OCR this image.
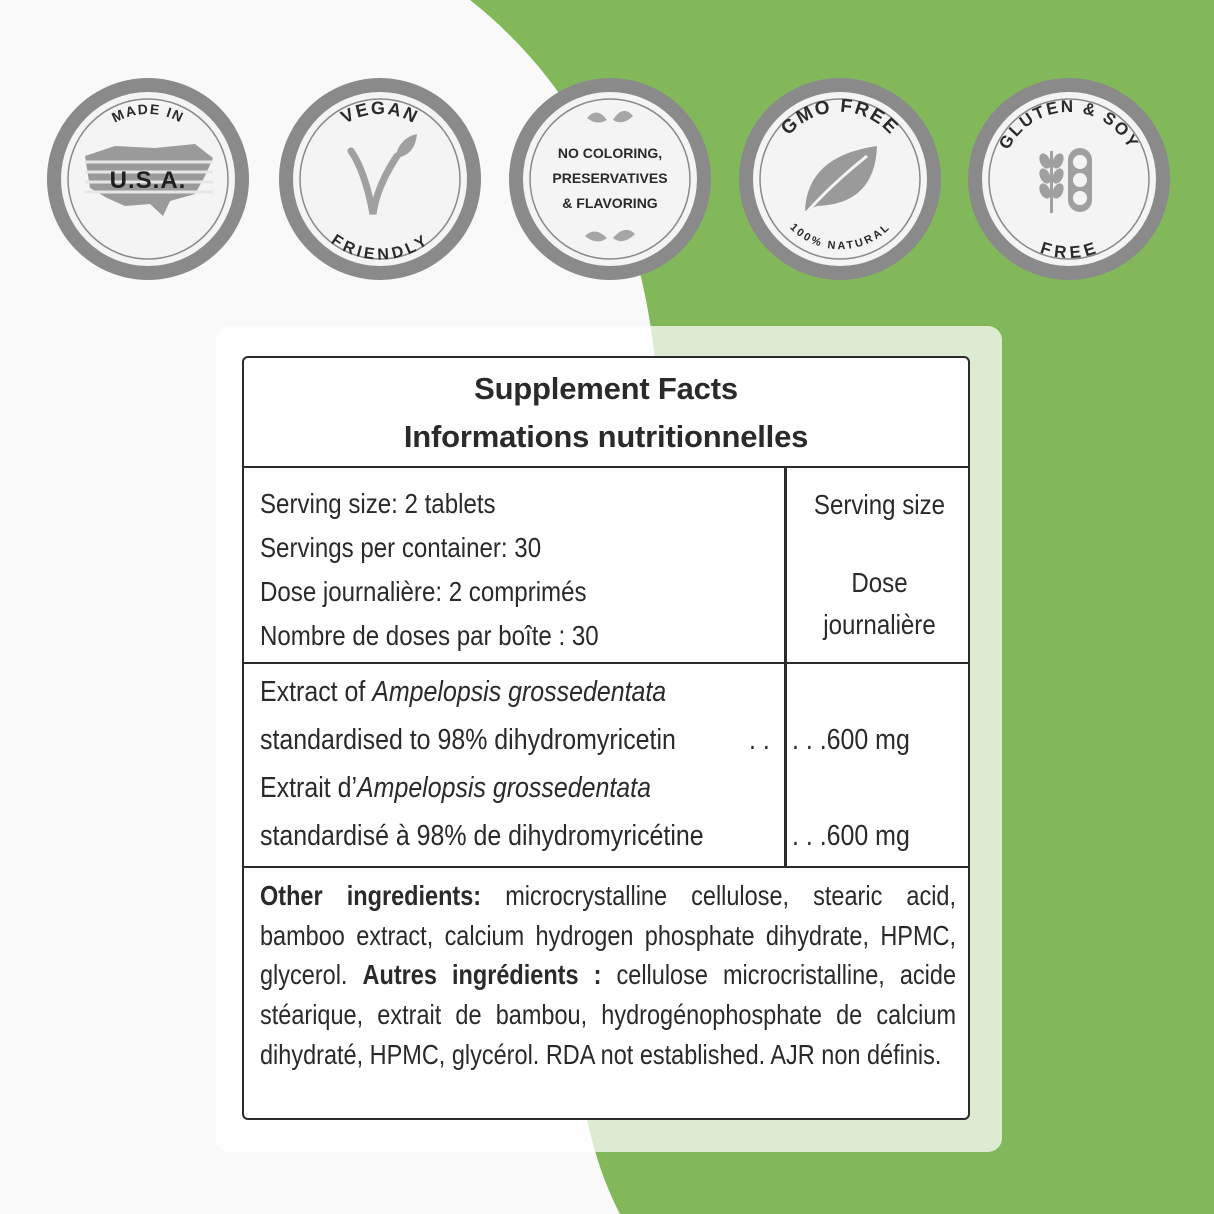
MADE IN
U.S.A.
VEGAN
FRIENDLY
NO COLORING,
PRESERVATIVES
& FLAVORING
GMO FREE
100% NATURAL
GLUTEN & SOY
FREE
Supplement Facts
Informations nutritionnelles
Serving size: 2 tablets
Servings per container: 30
Dose journalière: 2 comprimés
Nombre de doses par boîte : 30
Serving size
Dose
journalière
Extract of Ampelopsis grossedentata
standardised to 98% dihydromyricetin	. . . . .600 mg
Extrait d’Ampelopsis grossedentata
standardisé à 98% de dihydromyricétine	. . .600 mg
Other ingredients: microcrystalline cellulose, stearic acid, bamboo extract, calcium hydrogen phosphate dihydrate, HPMC, glycerol. Autres ingrédients : cellulose microcristalline, acide stéarique, extrait de bambou, hydrogénophosphate de calcium dihydraté, HPMC, glycérol. RDA not established. AJR non définis.
